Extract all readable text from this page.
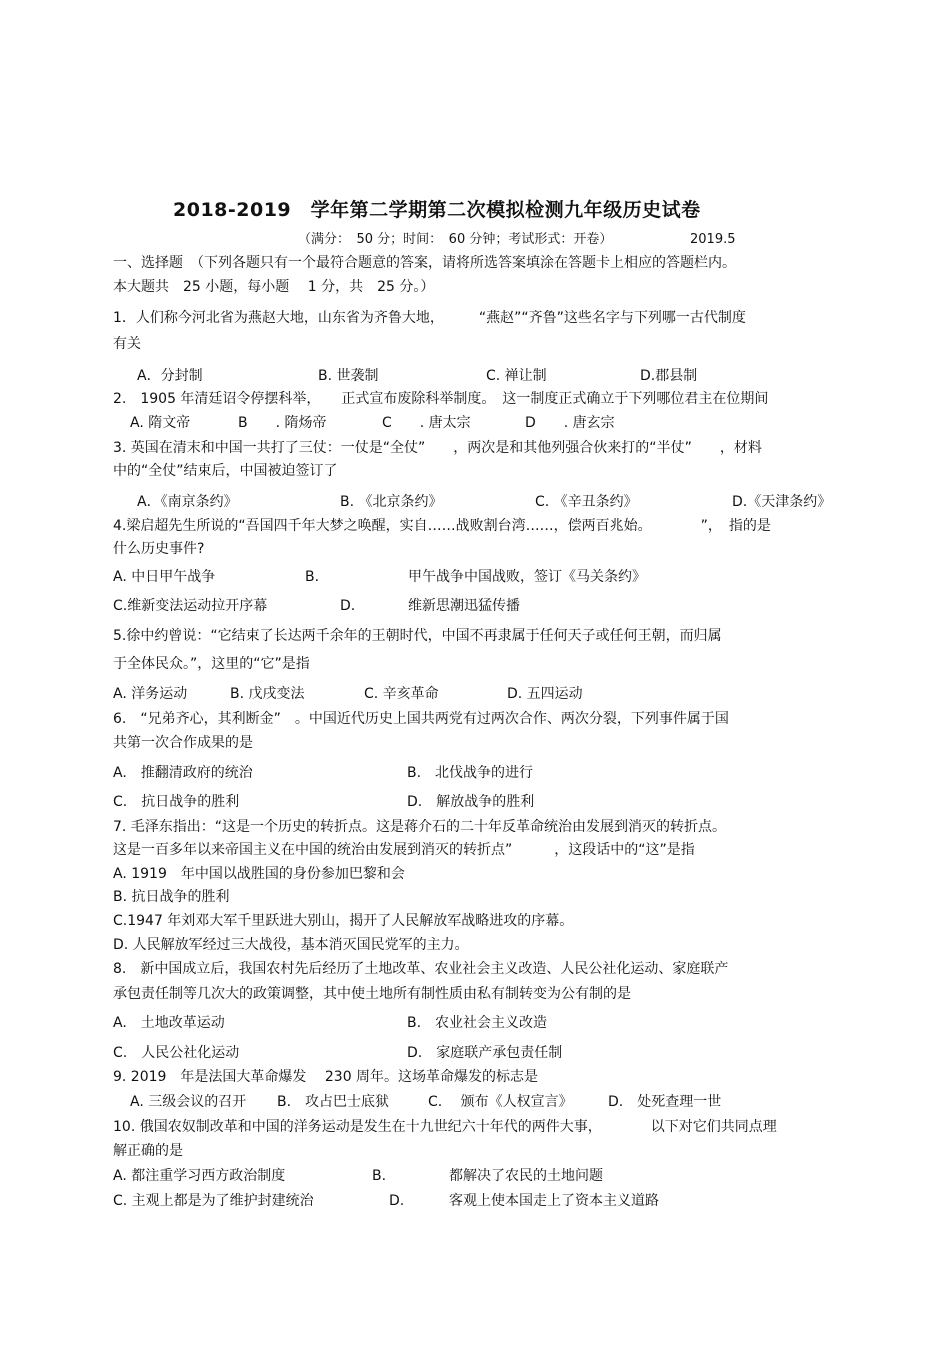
2018-2019　学年第二学期第二次模拟检测九年级历史试卷
（满分：　50 分；时间：　60 分钟；考试形式：开卷）	2019.5
一、选择题　（下列各题只有一个最符合题意的答案，请将所选答案填涂在答题卡上相应的答题栏内。
本大题共　25 小题，每小题　 1 分，共　25 分。）
1．人们称今河北省为燕赵大地，山东省为齐鲁大地，　　　“燕赵”“齐鲁”这些名字与下列哪一古代制度
有关
A．分封制	B. 世袭制	C. 禅让制	D.郡县制
2.　1905 年清廷诏令停摆科举，　　正式宣布废除科举制度。　这一制度正式确立于下列哪位君主在位期间
A. 隋文帝	B　　. 隋炀帝	C　　. 唐太宗	D　　. 唐玄宗
3. 英国在清末和中国一共打了三仗：一仗是“全仗”　　，两次是和其他列强合伙来打的“半仗”　　，材料
中的“全仗”结束后，中国被迫签订了
A．《南京条约》	B. 《北京条约》	C. 《辛丑条约》	D.《天津条约》
4.梁启超先生所说的“吾国四千年大梦之唤醒，实自……战败割台湾……，偿两百兆始。　　　　”，　指的是
什么历史事件?
A. 中日甲午战争	B.	甲午战争中国战败，签订《马关条约》
C.维新变法运动拉开序幕	D.	维新思潮迅猛传播
5.徐中约曾说：“它结束了长达两千余年的王朝时代，中国不再隶属于任何天子或任何王朝，而归属
于全体民众。”，这里的“它”是指
A. 洋务运动	B. 戊戌变法	C. 辛亥革命	D. 五四运动
6.　“兄弟齐心，其利断金”　。中国近代历史上国共两党有过两次合作、两次分裂，下列事件属于国
共第一次合作成果的是
A.　推翻清政府的统治	B.　北伐战争的进行
C.　抗日战争的胜利	D.　解放战争的胜利
7. 毛泽东指出：“这是一个历史的转折点。这是蒋介石的二十年反革命统治由发展到消灭的转折点。
这是一百多年以来帝国主义在中国的统治由发展到消灭的转折点”　　　，这段话中的“这”是指
A. 1919　年中国以战胜国的身份参加巴黎和会
B. 抗日战争的胜利
C.1947 年刘邓大军千里跃进大别山，揭开了人民解放军战略进攻的序幕。
D. 人民解放军经过三大战役，基本消灭国民党军的主力。
8.　新中国成立后，我国农村先后经历了土地改革、农业社会主义改造、人民公社化运动、家庭联产
承包责任制等几次大的政策调整，其中使土地所有制性质由私有制转变为公有制的是
A.　土地改革运动	B.　农业社会主义改造
C.　人民公社化运动	D.　家庭联产承包责任制
9. 2019　年是法国大革命爆发　 230 周年。这场革命爆发的标志是
A. 三级会议的召开 B.　攻占巴士底狱	C.　 颁布《人权宣言》	D.　处死查理一世
10. 俄国农奴制改革和中国的洋务运动是发生在十九世纪六十年代的两件大事，　　　　以下对它们共同点理
解正确的是
A. 都注重学习西方政治制度	B.	都解决了农民的土地问题
C. 主观上都是为了维护封建统治	D.	客观上使本国走上了资本主义道路
